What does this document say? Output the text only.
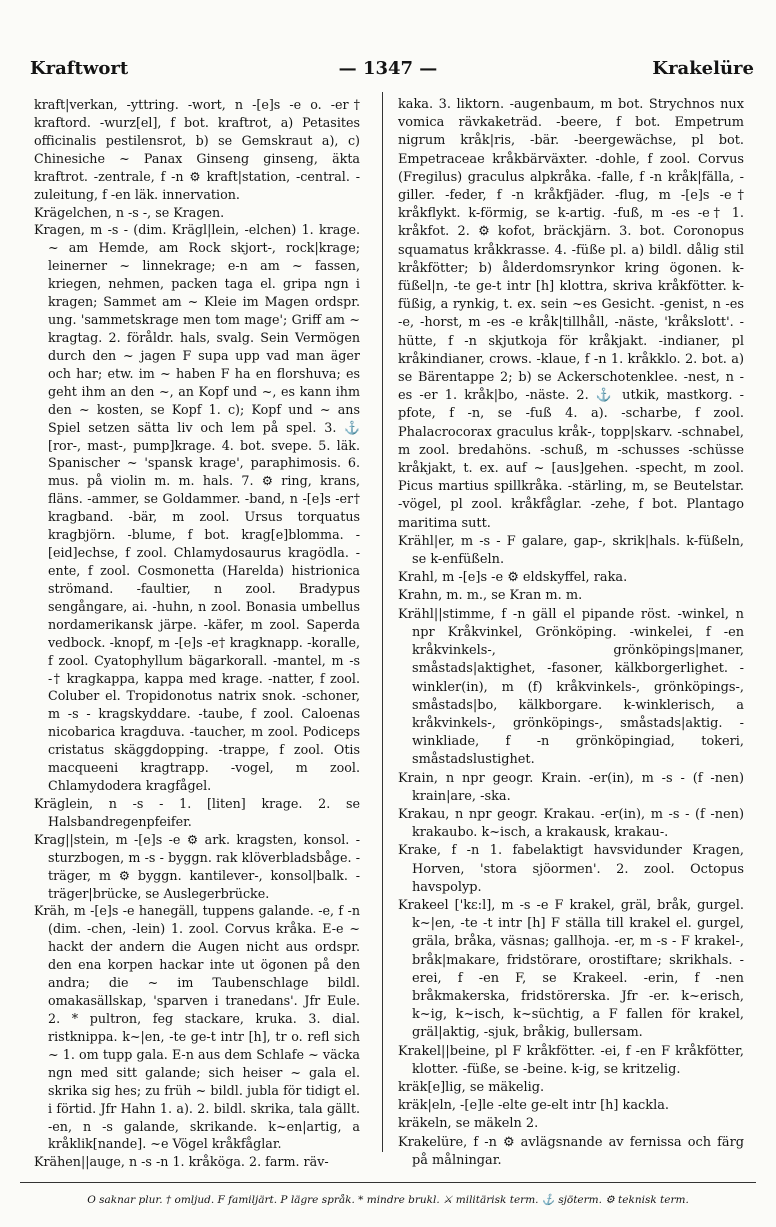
Kraftwort	— 1347 —	Krakelüre

kraft|verkan, -yttring. -wort, n -[e]s -e o. -er† kraftord. -wurz[el], f bot. kraftrot, a) Petasites officinalis pestilensrot, b) se Gemskraut a), c) Chinesiche ~ Panax Ginseng ginseng, äkta kraftrot. -zentrale, f -n ⚙ kraft|station, -central. -zuleitung, f -en läk. innervation.

Krägelchen, n -s -, se Kragen.

Kragen, m -s - (dim. Krägl|lein, -elchen) 1. krage. ~ am Hemde, am Rock skjort-, rock|krage; leinerner ~ linnekrage; e-n am ~ fassen, kriegen, nehmen, packen taga el. gripa ngn i kragen; Sammet am ~ Kleie im Magen ordspr. ung. 'sammetskrage men tom mage'; Griff am ~ kragtag. 2. föråldr. hals, svalg. Sein Vermögen durch den ~ jagen F supa upp vad man äger och har; etw. im ~ haben F ha en florshuva; es geht ihm an den ~, an Kopf und ~, es kann ihm den ~ kosten, se Kopf 1. c); Kopf und ~ ans Spiel setzen sätta liv och lem på spel. 3. ⚓ [ror-, mast-, pump]krage. 4. bot. svepe. 5. läk. Spanischer ~ 'spansk krage', paraphimosis. 6. mus. på violin m. m. hals. 7. ⚙ ring, krans, fläns. -ammer, se Goldammer. -band, n -[e]s -er† kragband. -bär, m zool. Ursus torquatus kragbjörn. -blume, f bot. krag[e]blomma. -[eid]echse, f zool. Chlamydosaurus kragödla. -ente, f zool. Cosmonetta (Harelda) histrionica strömand. -faultier, n zool. Bradypus sengångare, ai. -huhn, n zool. Bonasia umbellus nordamerikansk järpe. -käfer, m zool. Saperda vedbock. -knopf, m -[e]s -e† kragknapp. -koralle, f zool. Cyatophyllum bägarkorall. -mantel, m -s -† kragkappa, kappa med krage. -natter, f zool. Coluber el. Tropidonotus natrix snok. -schoner, m -s - kragskyddare. -taube, f zool. Caloenas nicobarica kragduva. -taucher, m zool. Podiceps cristatus skäggdopping. -trappe, f zool. Otis macqueeni kragtrapp. -vogel, m zool. Chlamydodera kragfågel.

Kräglein, n -s - 1. [liten] krage. 2. se Halsbandregenpfeifer.

Krag||stein, m -[e]s -e ⚙ ark. kragsten, konsol. -sturzbogen, m -s - byggn. rak klöverbladsbåge. -träger, m ⚙ byggn. kantilever-, konsol|balk. -träger|brücke, se Auslegerbrücke.

Kräh, m -[e]s -e hanegäll, tuppens galande. -e, f -n (dim. -chen, -lein) 1. zool. Corvus kråka. E-e ~ hackt der andern die Augen nicht aus ordspr. den ena korpen hackar inte ut ögonen på den andra; die ~ im Taubenschlage bildl. omakasällskap, 'sparven i tranedans'. Jfr Eule. 2. * pultron, feg stackare, kruka. 3. dial. ristknippa. k~|en, -te ge-t intr [h], tr o. refl sich ~ 1. om tupp gala. E-n aus dem Schlafe ~ väcka ngn med sitt galande; sich heiser ~ gala el. skrika sig hes; zu früh ~ bildl. jubla för tidigt el. i förtid. Jfr Hahn 1. a). 2. bildl. skrika, tala gällt. -en, n -s galande, skrikande. k~en|artig, a kråklik[nande]. ~e Vögel kråkfåglar.

Krähen||auge, n -s -n 1. kråköga. 2. farm. räv-

kaka. 3. liktorn. -augenbaum, m bot. Strychnos nux vomica rävkaketräd. -beere, f bot. Empetrum nigrum kråk|ris, -bär. -beergewächse, pl bot. Empetraceae kråkbärväxter. -dohle, f zool. Corvus (Fregilus) graculus alpkråka. -falle, f -n kråk|fälla, -giller. -feder, f -n kråkfjäder. -flug, m -[e]s -e† kråkflykt. k-förmig, se k-artig. -fuß, m -es -e† 1. kråkfot. 2. ⚙ kofot, bräckjärn. 3. bot. Coronopus squamatus kråkkrasse. 4. -füße pl. a) bildl. dålig stil kråkfötter; b) ålderdomsrynkor kring ögonen. k-füßel|n, -te ge-t intr [h] klottra, skriva kråkfötter. k-füßig, a rynkig, t. ex. sein ~es Gesicht. -genist, n -es -e, -horst, m -es -e kråk|tillhåll, -näste, 'kråkslott'. -hütte, f -n skjutkoja för kråkjakt. -indianer, pl kråkindianer, crows. -klaue, f -n 1. kråkklo. 2. bot. a) se Bärentappe 2; b) se Ackerschotenklee. -nest, n -es -er 1. kråk|bo, -näste. 2. ⚓ utkik, mastkorg. -pfote, f -n, se -fuß 4. a). -scharbe, f zool. Phalacrocorax graculus kråk-, topp|skarv. -schnabel, m zool. bredahöns. -schuß, m -schusses -schüsse kråkjakt, t. ex. auf ~ [aus]gehen. -specht, m zool. Picus martius spillkråka. -stärling, m, se Beutelstar. -vögel, pl zool. kråkfåglar. -zehe, f bot. Plantago maritima sutt.

Krähl|er, m -s - F galare, gap-, skrik|hals. k-füßeln, se k-enfüßeln.

Krahl, m -[e]s -e ⚙ eldskyffel, raka.

Krahn, m. m., se Kran m. m.

Krähl||stimme, f -n gäll el pipande röst. -winkel, n npr Kråkvinkel, Grönköping. -winkelei, f -en kråkvinkels-, grönköpings|maner, småstads|aktighet, -fasoner, kälkborgerlighet. -winkler(in), m (f) kråkvinkels-, grönköpings-, småstads|bo, kälkborgare. k-winklerisch, a kråkvinkels-, grönköpings-, småstads|aktig. -winkliade, f -n grönköpingiad, tokeri, småstadslustighet.

Krain, n npr geogr. Krain. -er(in), m -s - (f -nen) krain|are, -ska.

Krakau, n npr geogr. Krakau. -er(in), m -s - (f -nen) krakaubo. k~isch, a krakausk, krakau-.

Krake, f -n 1. fabelaktigt havsvidunder Kragen, Horven, 'stora sjöormen'. 2. zool. Octopus havspolyp.

Krakeel ['kɛ:l], m -s -e F krakel, gräl, bråk, gurgel. k~|en, -te -t intr [h] F ställa till krakel el. gurgel, gräla, bråka, väsnas; gallhoja. -er, m -s - F krakel-, bråk|makare, fridstörare, orostiftare; skrikhals. -erei, f -en F, se Krakeel. -erin, f -nen bråkmakerska, fridstörerska. Jfr -er. k~erisch, k~ig, k~isch, k~süchtig, a F fallen för krakel, gräl|aktig, -sjuk, bråkig, bullersam.

Krakel||beine, pl F kråkfötter. -ei, f -en F kråkfötter, klotter. -füße, se -beine. k-ig, se kritzelig.

kräk[e]lig, se mäkelig.

kräk|eln, -[e]le -elte ge-elt intr [h] kackla.

kräkeln, se mäkeln 2.

Krakelüre, f -n ⚙ avlägsnande av fernissa och färg på målningar.

O saknar plur. † omljud. F familjärt. P lägre språk. * mindre brukl. ⚔ militärisk term. ⚓ sjöterm. ⚙ teknisk term.
